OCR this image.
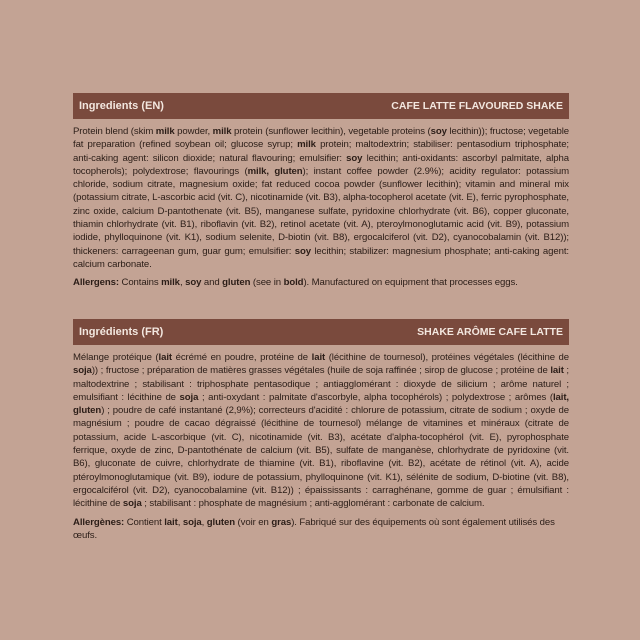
Ingredients (EN)	CAFE LATTE FLAVOURED SHAKE
Protein blend (skim milk powder, milk protein (sunflower lecithin), vegetable proteins (soy lecithin)); fructose; vegetable fat preparation (refined soybean oil; glucose syrup; milk protein; maltodextrin; stabiliser: pentasodium triphosphate; anti-caking agent: silicon dioxide; natural flavouring; emulsifier: soy lecithin; anti-oxidants: ascorbyl palmitate, alpha tocopherols); polydextrose; flavourings (milk, gluten); instant coffee powder (2.9%); acidity regulator: potassium chloride, sodium citrate, magnesium oxide; fat reduced cocoa powder (sunflower lecithin); vitamin and mineral mix (potassium citrate, L-ascorbic acid (vit. C), nicotinamide (vit. B3), alpha-tocopherol acetate (vit. E), ferric pyrophosphate, zinc oxide, calcium D-pantothenate (vit. B5), manganese sulfate, pyridoxine chlorhydrate (vit. B6), copper gluconate, thiamin chlorhydrate (vit. B1), riboflavin (vit. B2), retinol acetate (vit. A), pteroylmonoglutamic acid (vit. B9), potassium iodide, phylloquinone (vit. K1), sodium selenite, D-biotin (vit. B8), ergocalciferol (vit. D2), cyanocobalamin (vit. B12)); thickeners: carrageenan gum, guar gum; emulsifier: soy lecithin; stabilizer: magnesium phosphate; anti-caking agent: calcium carbonate.
Allergens: Contains milk, soy and gluten (see in bold). Manufactured on equipment that processes eggs.
Ingrédients (FR)	SHAKE ARÔME CAFE LATTE
Mélange protéique (lait écrémé en poudre, protéine de lait (lécithine de tournesol), protéines végétales (lécithine de soja)) ; fructose ; préparation de matières grasses végétales (huile de soja raffinée ; sirop de glucose ; protéine de lait ; maltodextrine ; stabilisant : triphosphate pentasodique ; antiagglomérant : dioxyde de silicium ; arôme naturel ; emulsifiant : lécithine de soja ; anti-oxydant : palmitate d'ascorbyle, alpha tocophérols) ; polydextrose ; arômes (lait, gluten) ; poudre de café instantané (2,9%); correcteurs d'acidité : chlorure de potassium, citrate de sodium ; oxyde de magnésium ; poudre de cacao dégraissé (lécithine de tournesol) mélange de vitamines et minéraux (citrate de potassium, acide L-ascorbique (vit. C), nicotinamide (vit. B3), acétate d'alpha-tocophérol (vit. E), pyrophosphate ferrique, oxyde de zinc, D-pantothénate de calcium (vit. B5), sulfate de manganèse, chlorhydrate de pyridoxine (vit. B6), gluconate de cuivre, chlorhydrate de thiamine (vit. B1), riboflavine (vit. B2), acétate de rétinol (vit. A), acide ptéroylmonoglutamique (vit. B9), iodure de potassium, phylloquinone (vit. K1), sélénite de sodium, D-biotine (vit. B8), ergocalciférol (vit. D2), cyanocobalamine (vit. B12)) ; épaississants : carraghénane, gomme de guar ; émulsifiant : lécithine de soja ; stabilisant : phosphate de magnésium ; anti-agglomérant : carbonate de calcium.
Allergènes: Contient lait, soja, gluten (voir en gras). Fabriqué sur des équipements où sont également utilisés des œufs.
